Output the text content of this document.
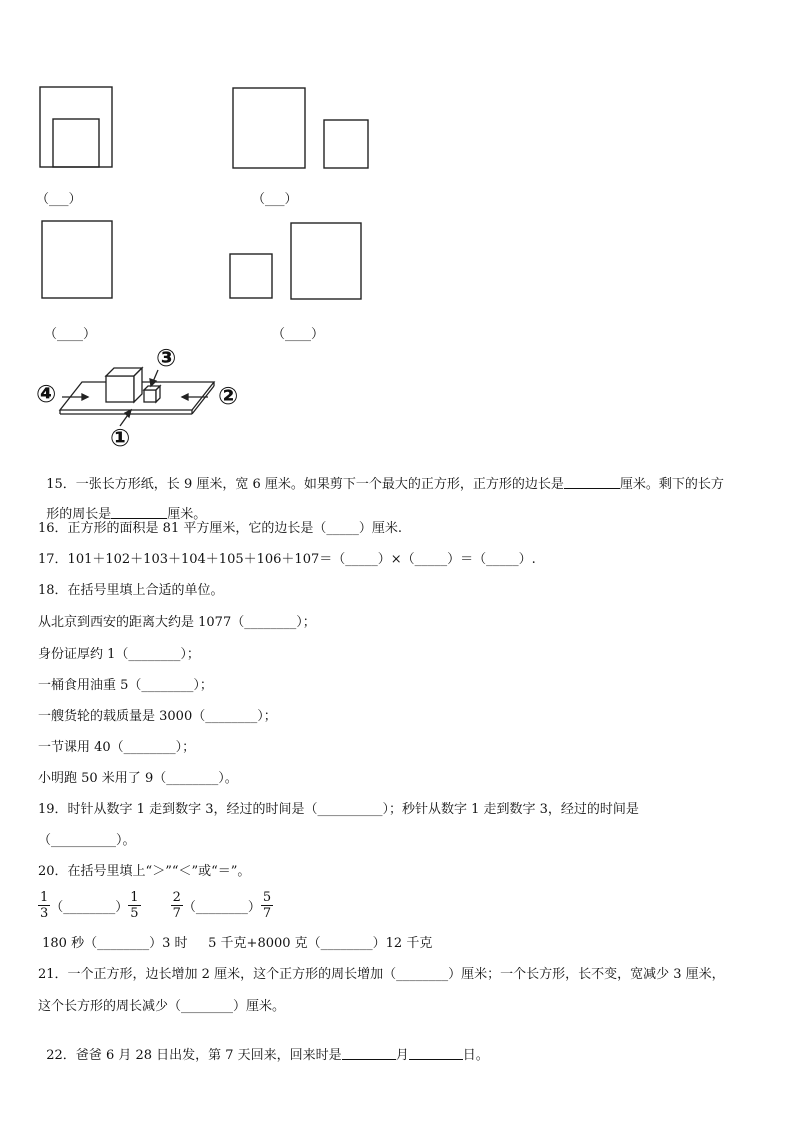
（___）	（___）
（____）	（____）
④	②
③
①

15．一张长方形纸，长 9 厘米，宽 6 厘米。如果剪下一个最大的正方形，正方形的边长是	厘米。剩下的长方

形的周长是	厘米。

16．正方形的面积是 81 平方厘米，它的边长是（_____）厘米.
17．101＋102＋103＋104＋105＋106＋107＝（_____）×（_____）＝（_____）.
18．在括号里填上合适的单位。
从北京到西安的距离大约是 1077（________）；
身份证厚约 1（________）；
一桶食用油重 5（________）；
一艘货轮的载质量是 3000（________）；
一节课用 40（________）；
小明跑 50 米用了 9（________）。
19．时针从数字 1 走到数字 3，经过的时间是（__________）；秒针从数字 1 走到数字 3，经过的时间是
（__________）。
20．在括号里填上“＞”“＜”或“＝”。
$\frac{1}{3}$ （________） $\frac{1}{5} \frac{2}{7}$ （________） $\frac{5}{7}$
180 秒（________）3 时     5 千克+8000 克（________）12 千克
21．一个正方形，边长增加 2 厘米，这个正方形的周长增加（________）厘米；一个长方形，长不变，宽减少 3 厘米，
这个长方形的周长减少（________）厘米。

22．爸爸 6 月 28 日出发，第 7 天回来，回来时是	月	日。
